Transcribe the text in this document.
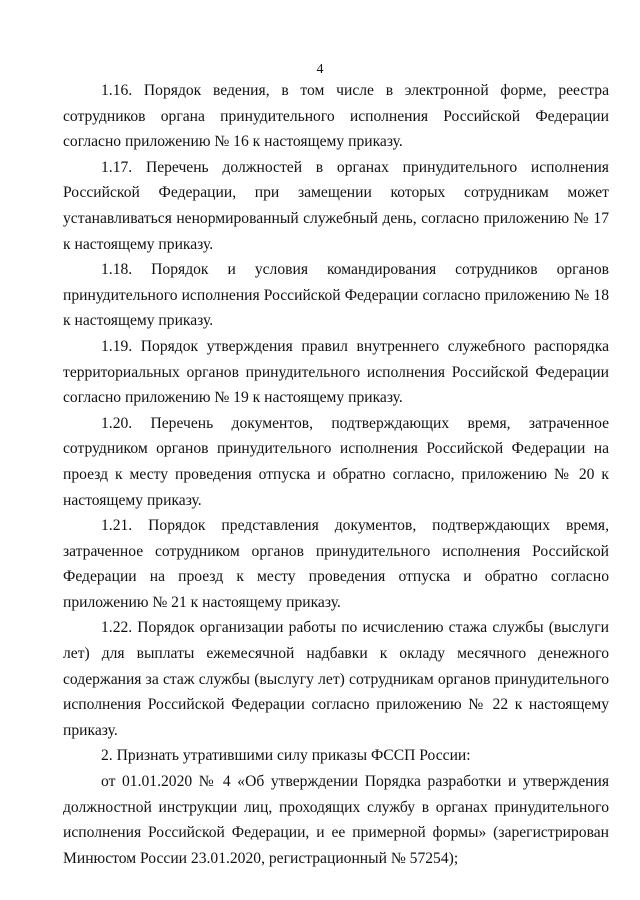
4

1.16. Порядок ведения, в том числе в электронной форме, реестра сотрудников органа принудительного исполнения Российской Федерации согласно приложению № 16 к настоящему приказу.

1.17. Перечень должностей в органах принудительного исполнения Российской Федерации, при замещении которых сотрудникам может устанавливаться ненормированный служебный день, согласно приложению № 17 к настоящему приказу.

1.18. Порядок и условия командирования сотрудников органов принудительного исполнения Российской Федерации согласно приложению № 18 к настоящему приказу.

1.19. Порядок утверждения правил внутреннего служебного распорядка территориальных органов принудительного исполнения Российской Федерации согласно приложению № 19 к настоящему приказу.

1.20. Перечень документов, подтверждающих время, затраченное сотрудником органов принудительного исполнения Российской Федерации на проезд к месту проведения отпуска и обратно согласно, приложению № 20 к настоящему приказу.

1.21. Порядок представления документов, подтверждающих время, затраченное сотрудником органов принудительного исполнения Российской Федерации на проезд к месту проведения отпуска и обратно согласно приложению № 21 к настоящему приказу.

1.22. Порядок организации работы по исчислению стажа службы (выслуги лет) для выплаты ежемесячной надбавки к окладу месячного денежного содержания за стаж службы (выслугу лет) сотрудникам органов принудительного исполнения Российской Федерации согласно приложению № 22 к настоящему приказу.

2. Признать утратившими силу приказы ФССП России:

от 01.01.2020 № 4 «Об утверждении Порядка разработки и утверждения должностной инструкции лиц, проходящих службу в органах принудительного исполнения Российской Федерации, и ее примерной формы» (зарегистрирован Минюстом России 23.01.2020, регистрационный № 57254);
